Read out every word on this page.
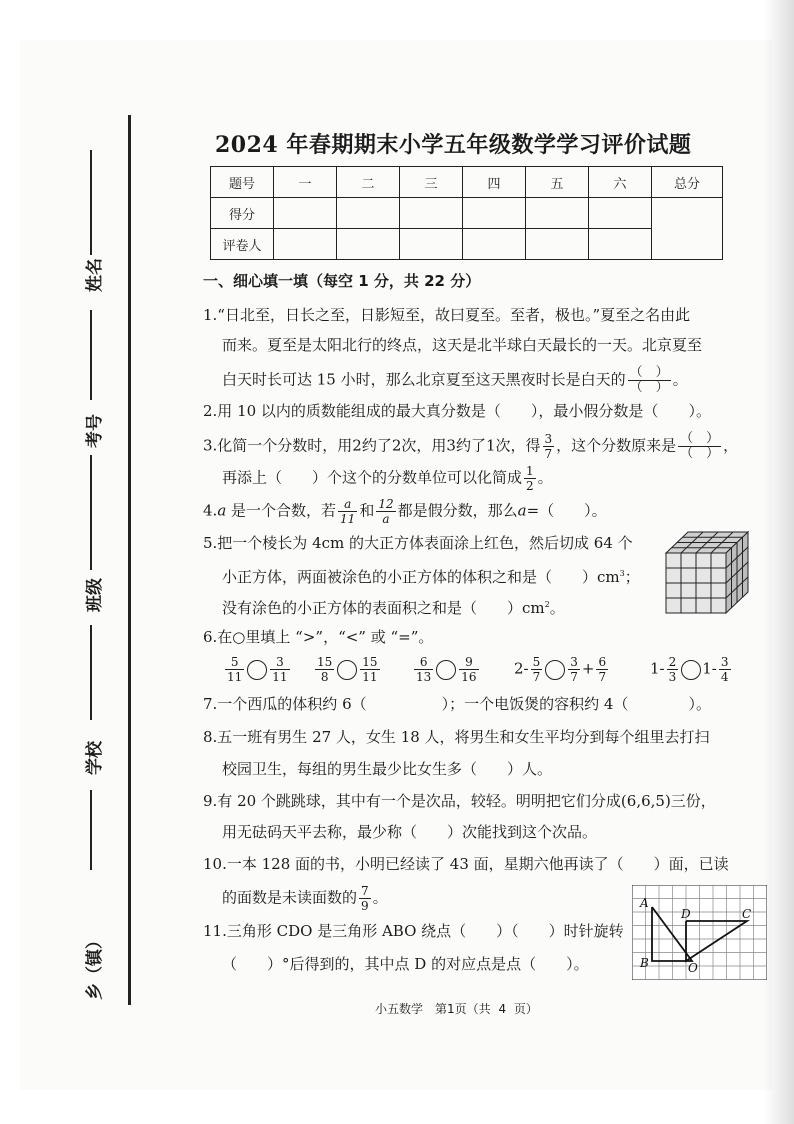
姓名
考号
班级
学校
乡（镇）
2024 年春期期末小学五年级数学学习评价试题
题号	一	二	三	四	五	六	总分
得分							
评卷人							
一、细心填一填（每空 1 分，共 22 分）
1.“日北至，日长之至，日影短至，故曰夏至。至者，极也。”夏至之名由此
而来。夏至是太阳北行的终点，这天是北半球白天最长的一天。北京夏至
白天时长可达 15 小时，那么北京夏至这天黑夜时长是白天的 $\frac{( )}{( )}$ 。
2.用 10 以内的质数能组成的最大真分数是（　　），最小假分数是（　　）。
3.化简一个分数时，用2约了2次，用3约了1次，得 $\frac{3}{7}$ ，这个分数原来是 $\frac{( )}{( )}$ ，
再添上（　　）个这个的分数单位可以化简成 $\frac{1}{2}$ 。
4.a 是一个合数，若 $\frac{a}{11}$ 和 $\frac{12}{a}$ 都是假分数，那么a=（　　）。
5.把一个棱长为 4cm 的大正方体表面涂上红色，然后切成 64 个
小正方体，两面被涂色的小正方体的体积之和是（　　）$cm^3$；
没有涂色的小正方体的表面积之和是（　　）$cm^2$。
6.在○里填上 “>”，“<” 或 “=”。
$\frac{5}{11} \frac{3}{11} \frac{15}{8} \frac{15}{11}$	$\frac{6}{13} \frac{9}{16} 2- \frac{5}{7} \frac{3}{7} + \frac{6}{7}$	$1- \frac{2}{3} 1- \frac{3}{4}$
7.一个西瓜的体积约 6（　　　　　）；一个电饭煲的容积约 4（　　　　）。
8.五一班有男生 27 人，女生 18 人，将男生和女生平均分到每个组里去打扫
校园卫生，每组的男生最少比女生多（　　）人。
9.有 20 个跳跳球，其中有一个是次品，较轻。明明把它们分成(6,6,5)三份，
用无砝码天平去称，最少称（　　）次能找到这个次品。
10.一本 128 面的书，小明已经读了 43 面，星期六他再读了（　　）面，已读
的面数是未读面数的 $\frac{7}{9}$ 。
11.三角形 CDO 是三角形 ABO 绕点（　　）（　　）时针旋转
（　　）°后得到的，其中点 D 的对应点是点（　　）。
A
B
D	C
O
小五数学　第1页（共 4 页）
